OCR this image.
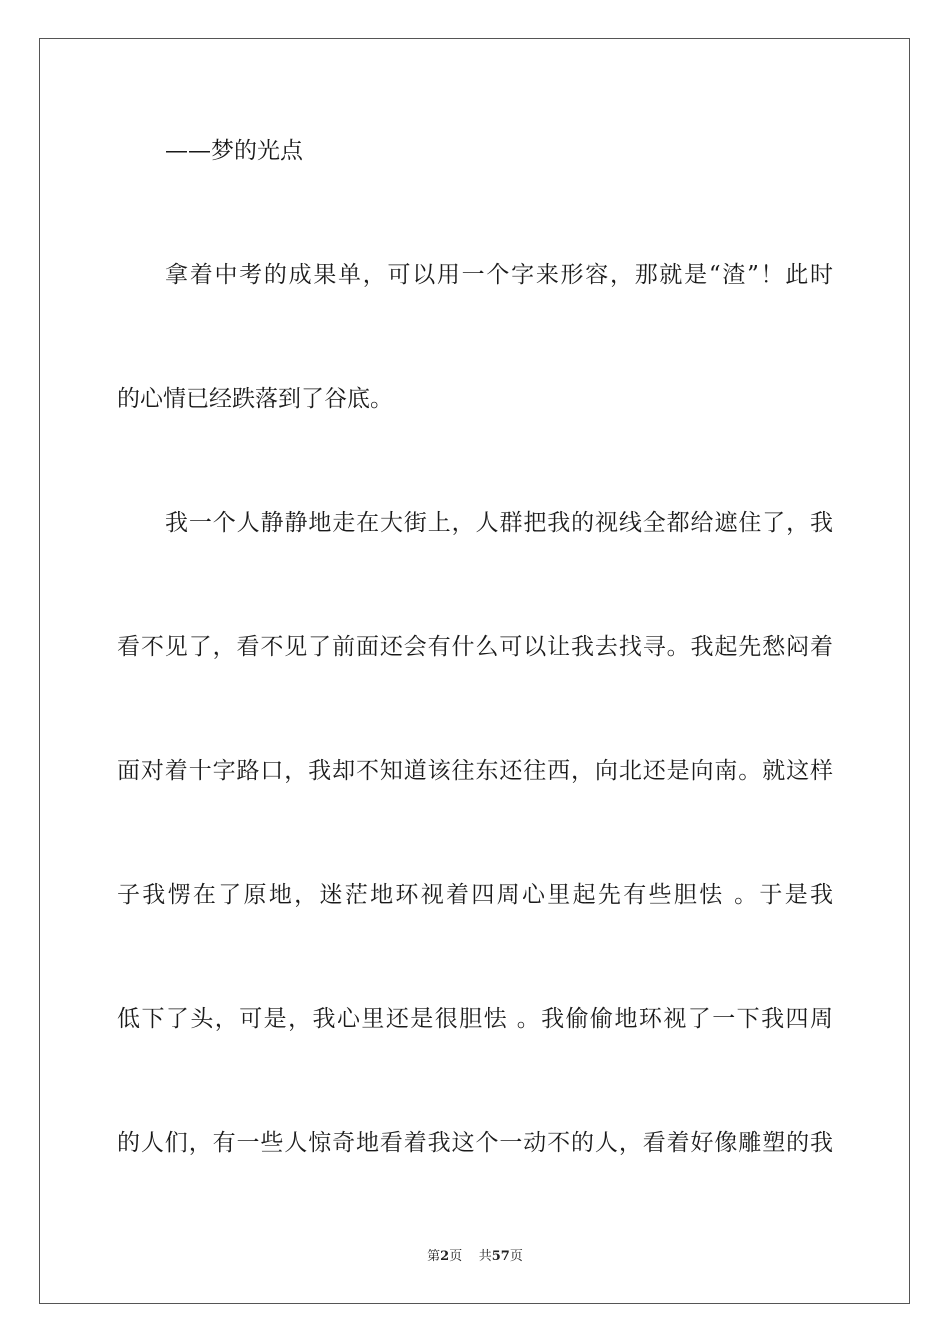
——梦的光点
拿着中考的成果单，可以用一个字来形容，那就是“渣”！此时
的心情已经跌落到了谷底。
我一个人静静地走在大街上，人群把我的视线全都给遮住了，我
看不见了，看不见了前面还会有什么可以让我去找寻。我起先愁闷着
面对着十字路口，我却不知道该往东还往西，向北还是向南。就这样
子我愣在了原地，迷茫地环视着四周心里起先有些胆怯 。于是我
低下了头，可是，我心里还是很胆怯 。我偷偷地环视了一下我四周
的人们，有一些人惊奇地看着我这个一动不的人，看着好像雕塑的我
第2页 共57页
